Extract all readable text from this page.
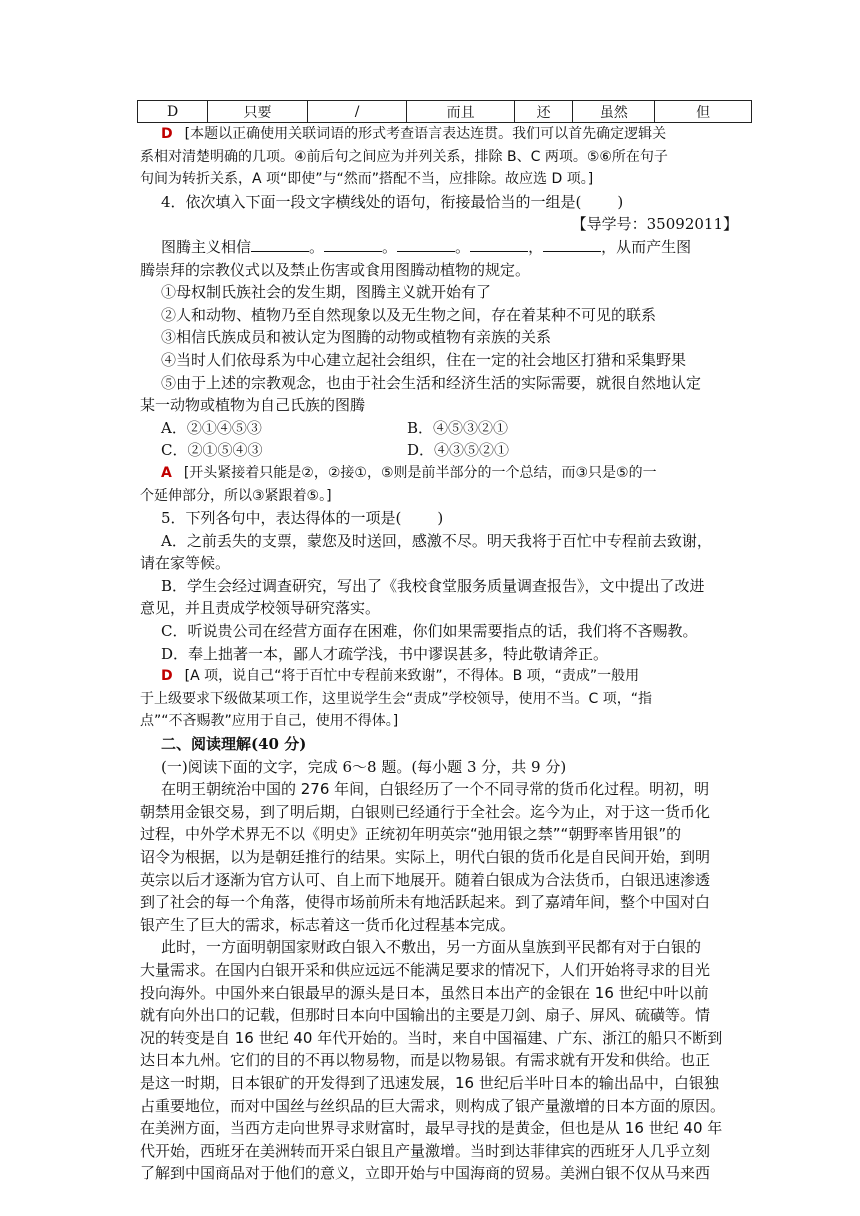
D	只要	/	而且	还	虽然	但
D [本题以正确使用关联词语的形式考查语言表达连贯。我们可以首先确定逻辑关
系相对清楚明确的几项。④前后句之间应为并列关系，排除 B、C 两项。⑤⑥所在句子
句间为转折关系，A 项“即使”与“然而”搭配不当，应排除。故应选 D 项。]
4．依次填入下面一段文字横线处的语句，衔接最恰当的一组是( )
【导学号：35092011】
图腾主义相信	。	。	。	，	，从而产生图
腾崇拜的宗教仪式以及禁止伤害或食用图腾动植物的规定。
①母权制氏族社会的发生期，图腾主义就开始有了
②人和动物、植物乃至自然现象以及无生物之间，存在着某种不可见的联系
③相信氏族成员和被认定为图腾的动物或植物有亲族的关系
④当时人们依母系为中心建立起社会组织，住在一定的社会地区打猎和采集野果
⑤由于上述的宗教观念，也由于社会生活和经济生活的实际需要，就很自然地认定
某一动物或植物为自己氏族的图腾
A．②①④⑤③	B．④⑤③②①
C．②①⑤④③	D．④③⑤②①
A [开头紧接着只能是②，②接①，⑤则是前半部分的一个总结，而③只是⑤的一
个延伸部分，所以③紧跟着⑤。]
5．下列各句中，表达得体的一项是( )
A．之前丢失的支票，蒙您及时送回，感激不尽。明天我将于百忙中专程前去致谢，
请在家等候。
B．学生会经过调查研究，写出了《我校食堂服务质量调查报告》，文中提出了改进
意见，并且责成学校领导研究落实。
C．听说贵公司在经营方面存在困难，你们如果需要指点的话，我们将不吝赐教。
D．奉上拙著一本，鄙人才疏学浅，书中谬误甚多，特此敬请斧正。
D [A 项，说自己“将于百忙中专程前来致谢”，不得体。B 项，“责成”一般用
于上级要求下级做某项工作，这里说学生会“责成”学校领导，使用不当。C 项，“指
点”“不吝赐教”应用于自己，使用不得体。]
二、阅读理解(40 分)
(一)阅读下面的文字，完成 6～8 题。(每小题 3 分，共 9 分)
在明王朝统治中国的 276 年间，白银经历了一个不同寻常的货币化过程。明初，明
朝禁用金银交易，到了明后期，白银则已经通行于全社会。迄今为止，对于这一货币化
过程，中外学术界无不以《明史》正统初年明英宗“弛用银之禁”“朝野率皆用银”的
诏令为根据，以为是朝廷推行的结果。实际上，明代白银的货币化是自民间开始，到明
英宗以后才逐渐为官方认可、自上而下地展开。随着白银成为合法货币，白银迅速渗透
到了社会的每一个角落，使得市场前所未有地活跃起来。到了嘉靖年间，整个中国对白
银产生了巨大的需求，标志着这一货币化过程基本完成。
此时，一方面明朝国家财政白银入不敷出，另一方面从皇族到平民都有对于白银的
大量需求。在国内白银开采和供应远远不能满足要求的情况下，人们开始将寻求的目光
投向海外。中国外来白银最早的源头是日本，虽然日本出产的金银在 16 世纪中叶以前
就有向外出口的记载，但那时日本向中国输出的主要是刀剑、扇子、屏风、硫磺等。情
况的转变是自 16 世纪 40 年代开始的。当时，来自中国福建、广东、浙江的船只不断到
达日本九州。它们的目的不再以物易物，而是以物易银。有需求就有开发和供给。也正
是这一时期，日本银矿的开发得到了迅速发展，16 世纪后半叶日本的输出品中，白银独
占重要地位，而对中国丝与丝织品的巨大需求，则构成了银产量激增的日本方面的原因。
在美洲方面，当西方走向世界寻求财富时，最早寻找的是黄金，但也是从 16 世纪 40 年
代开始，西班牙在美洲转而开采白银且产量激增。当时到达菲律宾的西班牙人几乎立刻
了解到中国商品对于他们的意义，立即开始与中国海商的贸易。美洲白银不仅从马来西
